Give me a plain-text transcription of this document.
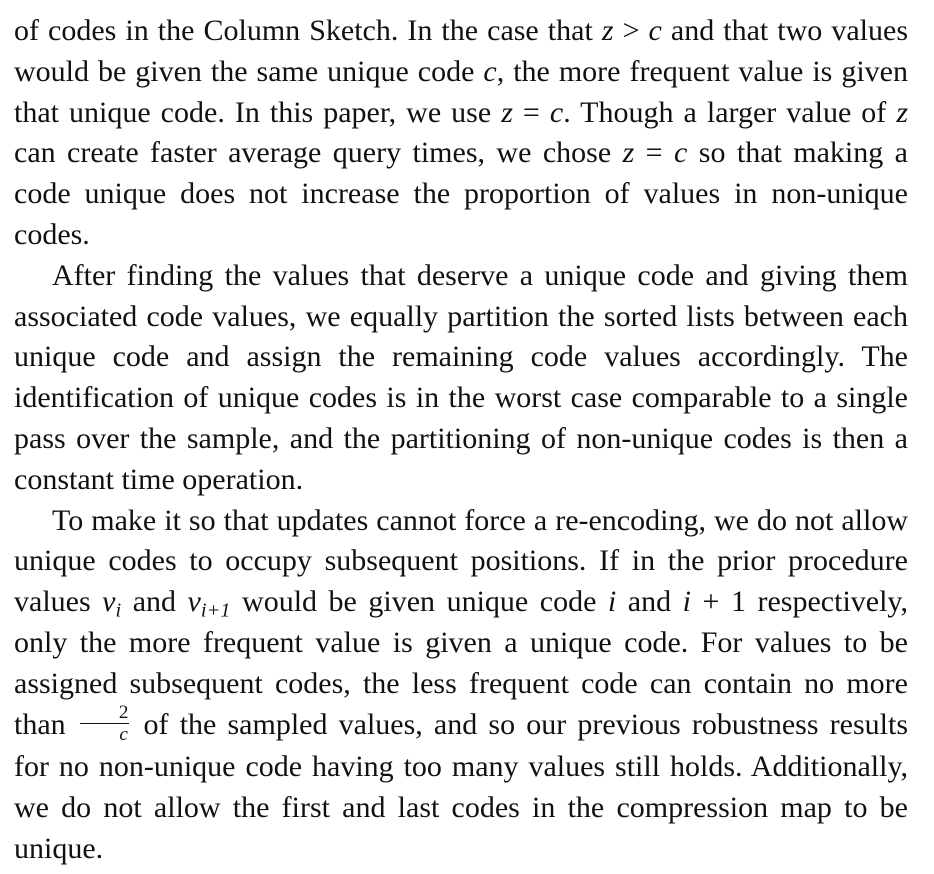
of codes in the Column Sketch. In the case that z > c and that two values would be given the same unique code c, the more frequent value is given that unique code. In this paper, we use z = c. Though a larger value of z can create faster average query times, we chose z = c so that making a code unique does not increase the proportion of values in non-unique codes.

After finding the values that deserve a unique code and giving them associated code values, we equally partition the sorted lists between each unique code and assign the remaining code values accordingly. The identification of unique codes is in the worst case comparable to a single pass over the sample, and the partitioning of non-unique codes is then a constant time operation.

To make it so that updates cannot force a re-encoding, we do not allow unique codes to occupy subsequent positions. If in the prior procedure values $v_i$ and $v_{i+1}$ would be given unique code i and i + 1 respectively, only the more frequent value is given a unique code. For values to be assigned subsequent codes, the less frequent code can contain no more than $\frac{2}{c}$ of the sampled values, and so our previous robustness results for no non-unique code having too many values still holds. Additionally, we do not allow the first and last codes in the compression map to be unique.
